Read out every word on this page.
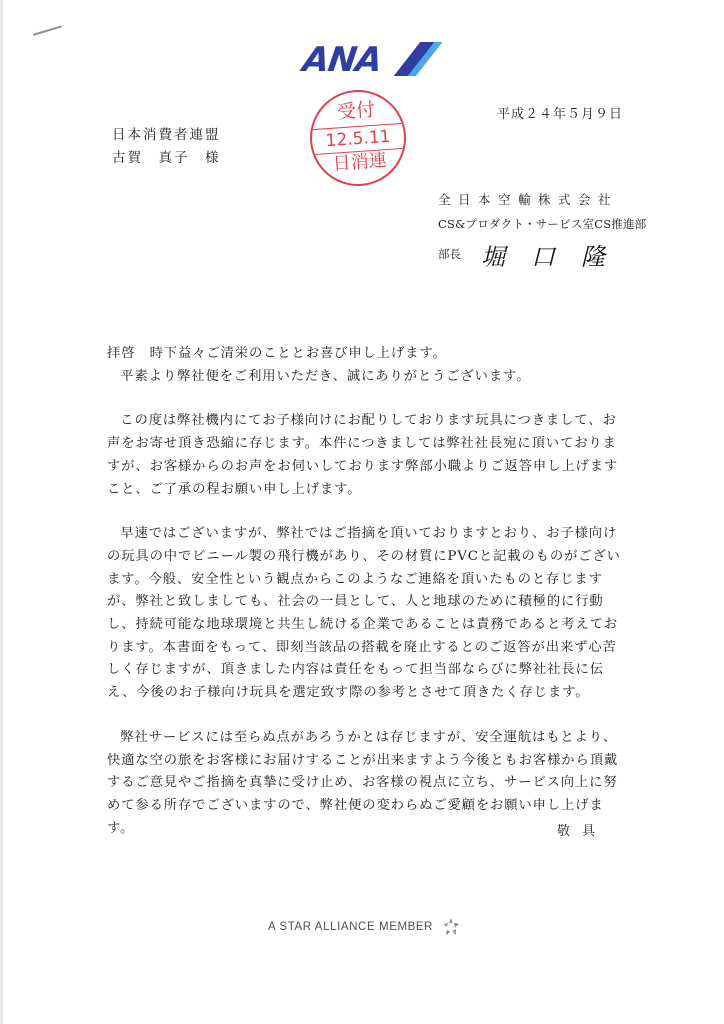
ANA
受付
12.5.11
日消連
平成２４年５月９日
日本消費者連盟
古賀　真子　様
全日本空輸株式会社
CS&プロダクト・サービス室CS推進部
部長 堀口隆

拝啓　時下益々ご清栄のこととお喜び申し上げます。

平素より弊社便をご利用いただき、誠にありがとうございます。

この度は弊社機内にてお子様向けにお配りしております玩具につきまして、お声をお寄せ頂き恐縮に存じます。本件につきましては弊社社長宛に頂いておりますが、お客様からのお声をお伺いしております弊部小職よりご返答申し上げますこと、ご了承の程お願い申し上げます。

早速ではございますが、弊社ではご指摘を頂いておりますとおり、お子様向けの玩具の中でビニール製の飛行機があり、その材質にPVCと記載のものがございます。今般、安全性という観点からこのようなご連絡を頂いたものと存じますが、弊社と致しましても、社会の一員として、人と地球のために積極的に行動し、持続可能な地球環境と共生し続ける企業であることは責務であると考えております。本書面をもって、即刻当該品の搭載を廃止するとのご返答が出来ず心苦しく存じますが、頂きました内容は責任をもって担当部ならびに弊社社長に伝え、今後のお子様向け玩具を選定致す際の参考とさせて頂きたく存じます。

弊社サービスには至らぬ点があろうかとは存じますが、安全運航はもとより、快適な空の旅をお客様にお届けすることが出来ますよう今後ともお客様から頂戴するご意見やご指摘を真摯に受け止め、お客様の視点に立ち、サービス向上に努めて参る所存でございますので、弊社便の変わらぬご愛顧をお願い申し上げます。	敬具
A STAR ALLIANCE MEMBER
